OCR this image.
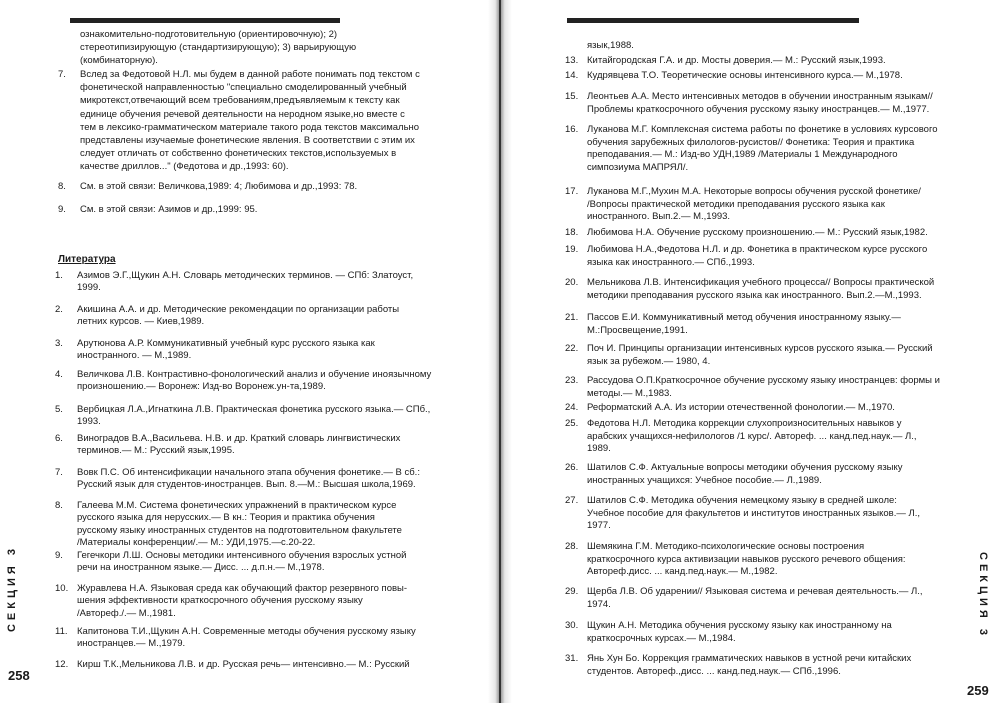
ознакомительно-подготовительную (ориентировочную); 2)
стереотипизирующую (стандартизирующую); 3) варьирующую
(комбинаторную).
7. Вслед за Федотовой Н.Л. мы будем в данной работе понимать под текстом с
фонетической направленностью "специально смоделированный учебный
микротекст,отвечающий всем требованиям,предъявляемым к тексту как
единице обучения речевой деятельности на неродном языке,но вместе с
тем в лексико-грамматическом материале такого рода текстов максимально
представлены изучаемые фонетические явления. В соответствии с этим их
следует отличать от собственно фонетических текстов,используемых в
качестве дриллов..." (Федотова и др.,1993: 60).
8. См. в этой связи: Величкова,1989: 4; Любимова и др.,1993: 78.
9. См. в этой связи: Азимов и др.,1999: 95.
Литература
1. Азимов Э.Г.,Щукин А.Н. Словарь методических терминов. — СПб: Златоуст,
1999.
2. Акишина А.А. и др. Методические рекомендации по организации работы
летних курсов. — Киев,1989.
3. Арутюнова А.Р. Коммуникативный учебный курс русского языка как
иностранного. — М.,1989.
4. Величкова Л.В. Контрастивно-фонологический анализ и обучение иноязычному
произношению.— Воронеж: Изд-во Воронеж.ун-та,1989.
5. Вербицкая Л.А.,Игнаткина Л.В. Практическая фонетика русского языка.— СПб.,
1993.
6. Виноградов В.А.,Васильева. Н.В. и др. Краткий словарь лингвистических
терминов.— М.: Русский язык,1995.
7. Вовк П.С. Об интенсификации начального этапа обучения фонетике.— В сб.:
Русский язык для студентов-иностранцев. Вып. 8.—М.: Высшая школа,1969.
8. Галеева М.М. Система фонетических упражнений в практическом курсе
русского языка для нерусских.— В кн.: Теория и практика обучения
русскому языку иностранных студентов на подготовительном факультете
/Материалы конференции/.— М.: УДИ,1975.—с.20-22.
9. Гегечкори Л.Ш. Основы методики интенсивного обучения взрослых устной
речи на иностранном языке.— Дисс. ... д.п.н.— М.,1978.
10. Журавлева Н.А. Языковая среда как обучающий фактор резервного повы-
шения эффективности краткосрочного обучения русскому языку
/Автореф./.— М.,1981.
11. Капитонова Т.И.,Щукин А.Н. Современные методы обучения русскому языку
иностранцев.— М.,1979.
12. Кирш Т.К.,Мельникова Л.В. и др. Русская речь— интенсивно.— М.: Русский
СЕКЦИЯ 3
258
язык,1988.
13. Китайгородская Г.А. и др. Мосты доверия.— М.: Русский язык,1993.
14. Кудрявцева Т.О. Теоретические основы интенсивного курса.— М.,1978.
15. Леонтьев А.А. Место интенсивных методов в обучении иностранным языкам//
Проблемы краткосрочного обучения русскому языку иностранцев.— М.,1977.
16. Луканова М.Г. Комплексная система работы по фонетике в условиях курсового
обучения зарубежных филологов-русистов// Фонетика: Теория и практика
преподавания.— М.: Изд-во УДН,1989 /Материалы 1 Международного
симпозиума МАПРЯЛ/.
17. Луканова М.Г.,Мухин М.А. Некоторые вопросы обучения русской фонетике/
/Вопросы практической методики преподавания русского языка как
иностранного. Вып.2.— М.,1993.
18. Любимова Н.А. Обучение русскому произношению.— М.: Русский язык,1982.
19. Любимова Н.А.,Федотова Н.Л. и др. Фонетика в практическом курсе русского
языка как иностранного.— СПб.,1993.
20. Мельникова Л.В. Интенсификация учебного процесса// Вопросы практической
методики преподавания русского языка как иностранного. Вып.2.—М.,1993.
21. Пассов Е.И. Коммуникативный метод обучения иностранному языку.—
М.:Просвещение,1991.
22. Поч И. Принципы организации интенсивных курсов русского языка.— Русский
язык за рубежом.— 1980, 4.
23. Рассудова О.П.Краткосрочное обучение русскому языку иностранцев: формы и
методы.— М.,1983.
24. Реформатский А.А. Из истории отечественной фонологии.— М.,1970.
25. Федотова Н.Л. Методика коррекции слухопроизносительных навыков у
арабских учащихся-нефилологов /1 курс/. Автореф. ... канд.пед.наук.— Л.,
1989.
26. Шатилов С.Ф. Актуальные вопросы методики обучения русскому языку
иностранных учащихся: Учебное пособие.— Л.,1989.
27. Шатилов С.Ф. Методика обучения немецкому языку в средней школе:
Учебное пособие для факультетов и институтов иностранных языков.— Л.,
1977.
28. Шемякина Г.М. Методико-психологические основы построения
краткосрочного курса активизации навыков русского речевого общения:
Автореф.дисс. ... канд.пед.наук.— М.,1982.
29. Щерба Л.В. Об ударении// Языковая система и речевая деятельность.— Л.,
1974.
30. Щукин А.Н. Методика обучения русскому языку как иностранному на
краткосрочных курсах.— М.,1984.
31. Янь Хун Бо. Коррекция грамматических навыков в устной речи китайских
студентов. Автореф.,дисс. ... канд.пед.наук.— СПб.,1996.
СЕКЦИЯ 3
259
